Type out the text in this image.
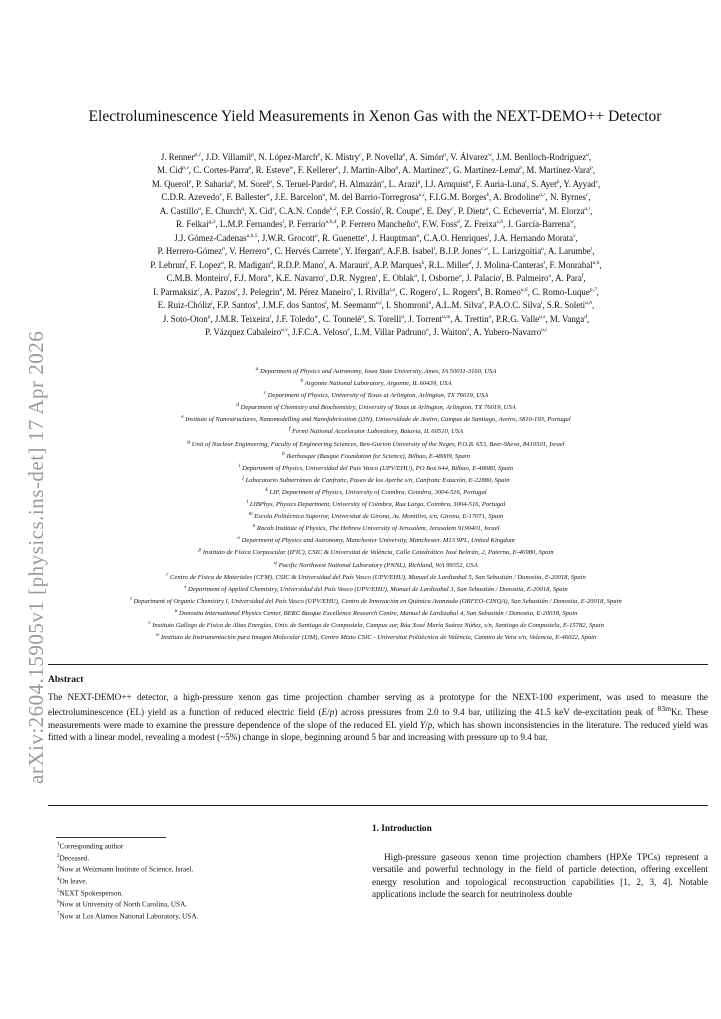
arXiv:2604.15905v1 [physics.ins-det] 17 Apr 2026
Electroluminescence Yield Measurements in Xenon Gas with the NEXT-DEMO++ Detector
J. Renner$^{p,1}$, J.D. Villamil$^p$, N. López-March$^p$, K. Mistry$^c$, P. Novella$^p$, A. Simón$^p$, V. Álvarez$^w$, J.M. Benlloch-Rodríguez$^u$,
M. Cid$^{p,v}$, C. Cortes-Parra$^p$, R. Esteve$^w$, F. Kellerer$^p$, J. Martín-Albo$^p$, A. Martínez$^w$, G. Martínez-Lema$^p$, M. Martínez-Vara$^p$,
M. Querol$^p$, P. Saharia$^p$, M. Sorel$^p$, S. Teruel-Pardo$^p$, H. Almazán$^o$, L. Arazi$^g$, I.J. Arnquist$^q$, F. Auria-Luna$^t$, S. Ayet$^p$, Y. Ayyad$^v$,
C.D.R. Azevedo$^e$, F. Ballester$^w$, J.E. Barcelon$^u$, M. del Barrio-Torregrosa$^{u,i}$, F.I.G.M. Borges$^k$, A. Brodoline$^{u,r}$, N. Byrnes$^c$,
A. Castillo$^u$, E. Church$^q$, X. Cid$^v$, C.A.N. Conde$^{k,2}$, F.P. Cossío$^t$, R. Coupe$^o$, E. Dey$^c$, P. Dietz$^u$, C. Echeverria$^u$, M. Elorza$^{u,i}$,
R. Felkai$^{g,3}$, L.M.P. Fernandes$^l$, P. Ferrario$^{u,h,4}$, P. Ferrero Mancheño$^u$, F.W. Foss$^d$, Z. Freixa$^{s,h}$, J. García-Barrena$^w$,
J.J. Gómez-Cadenas$^{u,h,5}$, J.W.R. Grocott$^o$, R. Guenette$^o$, J. Hauptman$^a$, C.A.O. Henriques$^l$, J.A. Hernando Morata$^v$,
P. Herrero-Gómez$^n$, V. Herrero$^w$, C. Hervés Carrete$^v$, Y. Ifergan$^g$, A.F.B. Isabel$^l$, B.J.P. Jones$^{c,o}$, L. Larizgoitia$^u$, A. Larumbe$^t$,
P. Lebrun$^f$, F. Lopez$^u$, R. Madigan$^d$, R.D.P. Mano$^l$, A. Marauri$^i$, A.P. Marques$^k$, R.L. Miller$^d$, J. Molina-Canteras$^t$, F. Monrabal$^{u,h}$,
C.M.B. Monteiro$^l$, F.J. Mora$^w$, K.E. Navarro$^c$, D.R. Nygren$^c$, E. Oblak$^u$, I. Osborne$^o$, J. Palacio$^j$, B. Palmeiro$^o$, A. Para$^f$,
I. Parmaksiz$^c$, A. Pazos$^s$, J. Pelegrin$^u$, M. Pérez Maneiro$^v$, I. Rivilla$^{t,u}$, C. Rogero$^r$, L. Rogers$^b$, B. Romeo$^{u,6}$, C. Romo-Luque$^{p,7}$,
E. Ruiz-Chóliz$^j$, F.P. Santos$^k$, J.M.F. dos Santos$^l$, M. Seemann$^{u,i}$, I. Shomroni$^n$, A.L.M. Silva$^e$, P.A.O.C. Silva$^l$, S.R. Soleti$^{u,h}$,
J. Soto-Oton$^p$, J.M.R. Teixeira$^l$, J.F. Toledo$^w$, C. Tonnelé$^u$, S. Torelli$^u$, J. Torrent$^{u,m}$, A. Trettin$^o$, P.R.G. Valle$^{u,s}$, M. Vanga$^d$,
P. Vázquez Cabaleiro$^{u,v}$, J.F.C.A. Veloso$^e$, L.M. Villar Padruno$^o$, J. Waiton$^o$, A. Yubero-Navarro$^{u,i}$
$^a$ Department of Physics and Astronomy, Iowa State University, Ames, IA 50011-3160, USA
$^b$ Argonne National Laboratory, Argonne, IL 60439, USA
$^c$ Department of Physics, University of Texas at Arlington, Arlington, TX 76019, USA
$^d$ Department of Chemistry and Biochemistry, University of Texas at Arlington, Arlington, TX 76019, USA
$^e$ Institute of Nanostructures, Nanomodelling and Nanofabrication (i3N), Universidade de Aveiro, Campus de Santiago, Aveiro, 3810-193, Portugal
$^f$ Fermi National Accelerator Laboratory, Batavia, IL 60510, USA
$^g$ Unit of Nuclear Engineering, Faculty of Engineering Sciences, Ben-Gurion University of the Negev, P.O.B. 653, Beer-Sheva, 8410501, Israel
$^h$ Ikerbasque (Basque Foundation for Science), Bilbao, E-48009, Spain
$^i$ Department of Physics, Universidad del País Vasco (UPV/EHU), PO Box 644, Bilbao, E-48080, Spain
$^j$ Laboratorio Subterráneo de Canfranc, Paseo de los Ayerbe s/n, Canfranc Estación, E-22880, Spain
$^k$ LIP, Department of Physics, University of Coimbra, Coimbra, 3004-516, Portugal
$^l$ LIBPhys, Physics Department, University of Coimbra, Rua Larga, Coimbra, 3004-516, Portugal
$^m$ Escola Politècnica Superior, Universitat de Girona, Av. Montilivi, s/n, Girona, E-17071, Spain
$^n$ Racah Institute of Physics, The Hebrew University of Jerusalem, Jerusalem 9190401, Israel
$^o$ Department of Physics and Astronomy, Manchester University, Manchester. M13 9PL, United Kingdom
$^p$ Instituto de Física Corpuscular (IFIC), CSIC & Universitat de València, Calle Catedrático José Beltrán, 2, Paterna, E-46980, Spain
$^q$ Pacific Northwest National Laboratory (PNNL), Richland, WA 99352, USA
$^r$ Centro de Física de Materiales (CFM), CSIC & Universidad del País Vasco (UPV/EHU), Manuel de Lardizabal 5, San Sebastián / Donostia, E-20018, Spain
$^s$ Department of Applied Chemistry, Universidad del País Vasco (UPV/EHU), Manuel de Lardizabal 3, San Sebastián / Donostia, E-20018, Spain
$^t$ Department of Organic Chemistry I, Universidad del País Vasco (UPV/EHU), Centro de Innovación en Química Avanzada (ORFEO-CINQA), San Sebastián / Donostia, E-20018, Spain
$^u$ Donostia International Physics Center, BERC Basque Excellence Research Centre, Manuel de Lardizabal 4, San Sebastián / Donostia, E-20018, Spain
$^v$ Instituto Gallego de Física de Altas Energías, Univ. de Santiago de Compostela, Campus sur, Rúa Xosé María Suárez Núñez, s/n, Santiago de Compostela, E-15782, Spain
$^w$ Instituto de Instrumentación para Imagen Molecular (I3M), Centro Mixto CSIC - Universitat Politècnica de València, Camino de Vera s/n, Valencia, E-46022, Spain
Abstract

The NEXT-DEMO++ detector, a high-pressure xenon gas time projection chamber serving as a prototype for the NEXT-100 experiment, was used to measure the electroluminescence (EL) yield as a function of reduced electric field (E/p) across pressures from 2.0 to 9.4 bar, utilizing the 41.5 keV de-excitation peak of $^{83m}$Kr. These measurements were made to examine the pressure dependence of the slope of the reduced EL yield Y/p, which has shown inconsistencies in the literature. The reduced yield was fitted with a linear model, revealing a modest (~5%) change in slope, beginning around 5 bar and increasing with pressure up to 9.4 bar.

$^1$Corresponding author
$^2$Deceased.
$^3$Now at Weizmann Institute of Science, Israel.
$^4$On leave.
$^5$NEXT Spokesperson.
$^6$Now at University of North Carolina, USA.
$^7$Now at Los Alamos National Laboratory, USA.
1. Introduction

High-pressure gaseous xenon time projection chambers (HPXe TPCs) represent a versatile and powerful technology in the field of particle detection, offering excellent energy resolution and topological reconstruction capabilities [1, 2, 3, 4]. Notable applications include the search for neutrinoless double
